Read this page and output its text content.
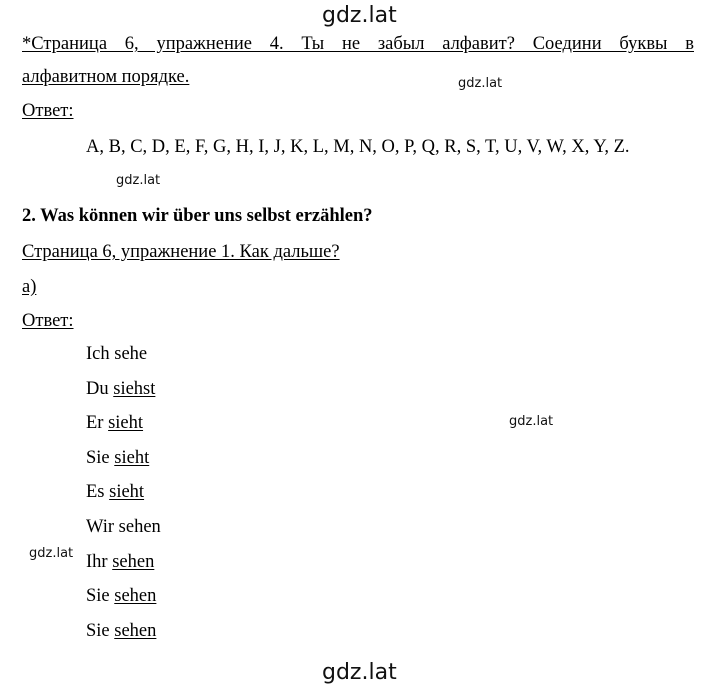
gdz.lat
gdz.lat
gdz.lat
gdz.lat
gdz.lat
gdz.lat
*Страница 6, упражнение 4. Ты не забыл алфавит? Соедини буквы в
алфавитном порядке.
Ответ:
A, B, C, D, E, F, G, H, I, J, K, L, M, N, O, P, Q, R, S, T, U, V, W, X, Y, Z.
2. Was können wir über uns selbst erzählen?
Страница 6, упражнение 1. Как дальше?
а)
Ответ:
Ich sehe
Du siehst
Er sieht
Sie sieht
Es sieht
Wir sehen
Ihr sehen
Sie sehen
Sie sehen
